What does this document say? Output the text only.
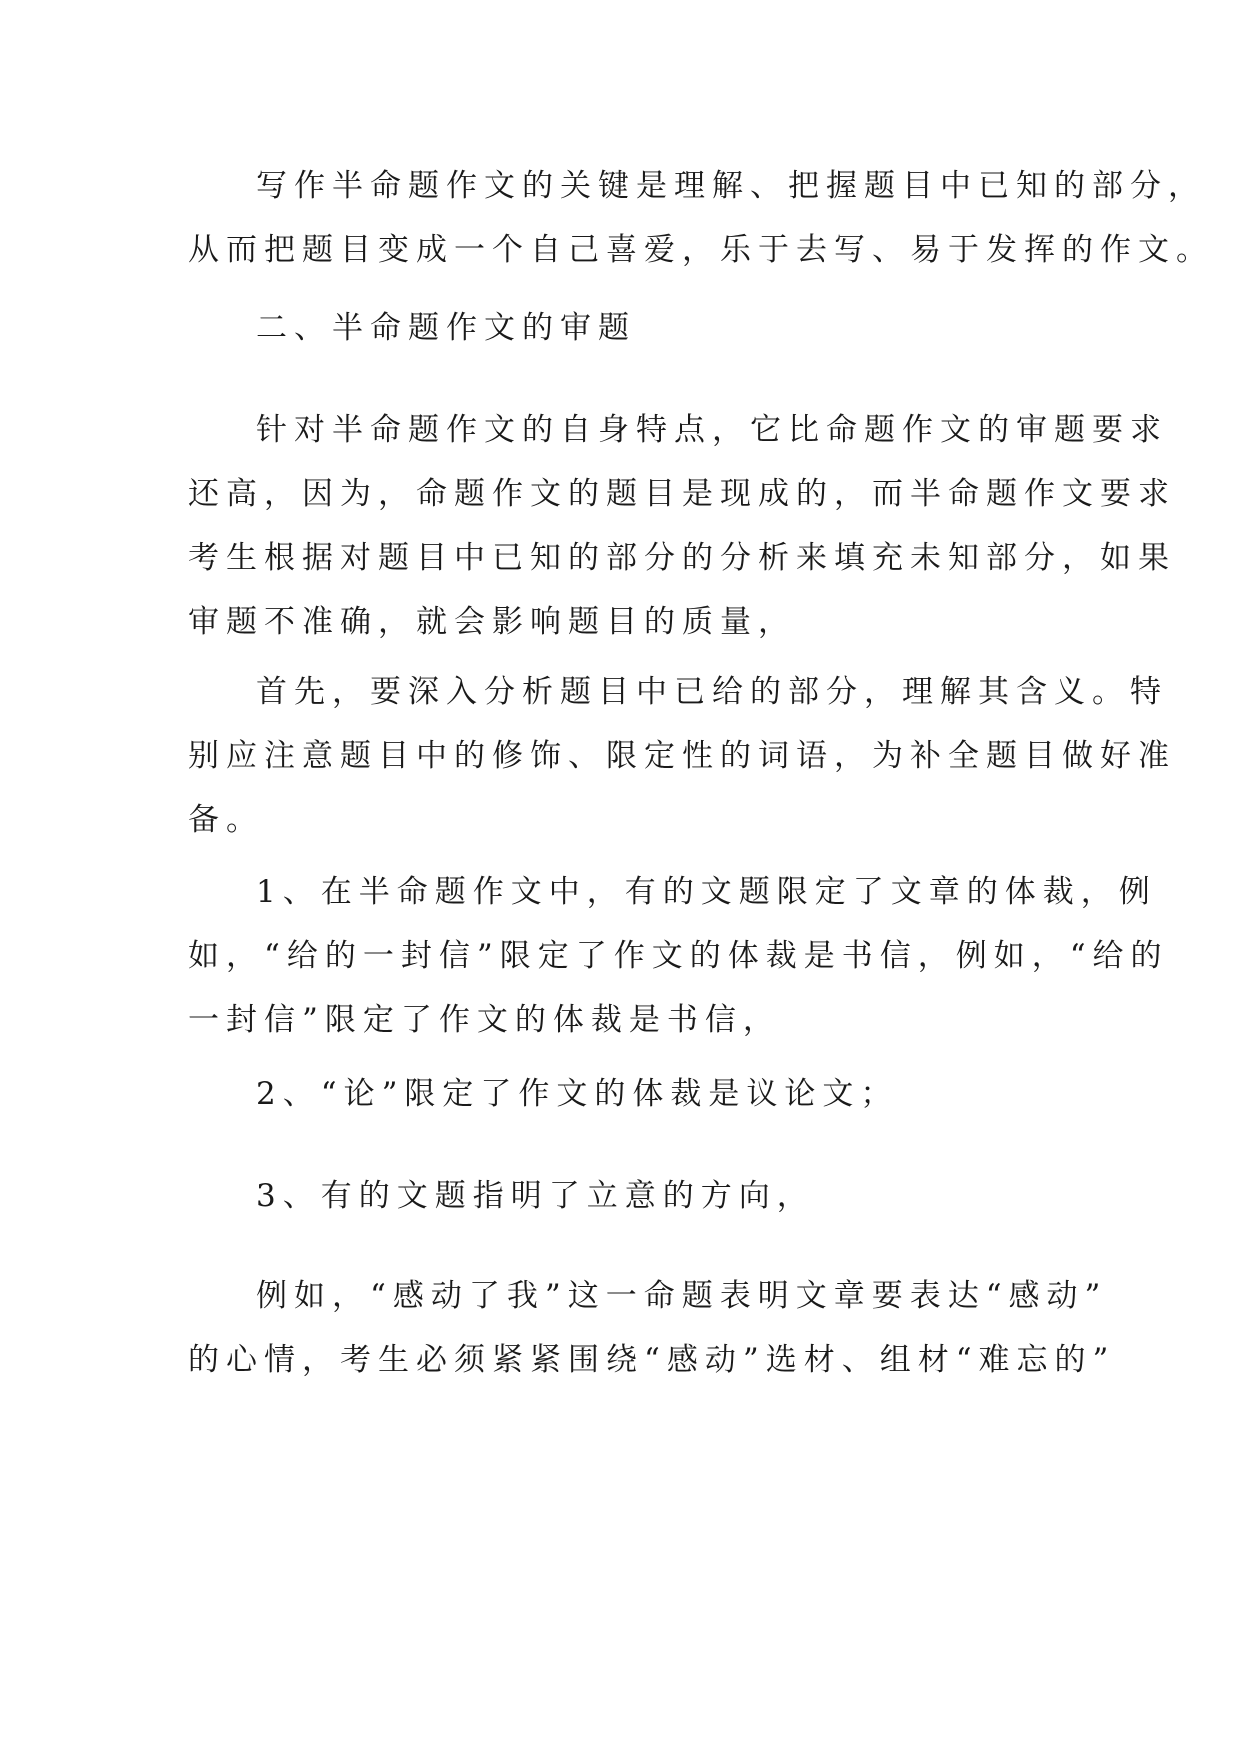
写作半命题作文的关键是理解、把握题目中已知的部分，
从而把题目变成一个自己喜爱，乐于去写、易于发挥的作文。
二、半命题作文的审题
针对半命题作文的自身特点，它比命题作文的审题要求
还高，因为，命题作文的题目是现成的，而半命题作文要求
考生根据对题目中已知的部分的分析来填充未知部分，如果
审题不准确，就会影响题目的质量，
首先，要深入分析题目中已给的部分，理解其含义。特
别应注意题目中的修饰、限定性的词语，为补全题目做好准
备。
1、在半命题作文中，有的文题限定了文章的体裁，例
如，“给的一封信”限定了作文的体裁是书信，例如，“给的
一封信”限定了作文的体裁是书信，
2、“论”限定了作文的体裁是议论文；
3、有的文题指明了立意的方向，
例如，“感动了我”这一命题表明文章要表达“感动”
的心情，考生必须紧紧围绕“感动”选材、组材“难忘的”
